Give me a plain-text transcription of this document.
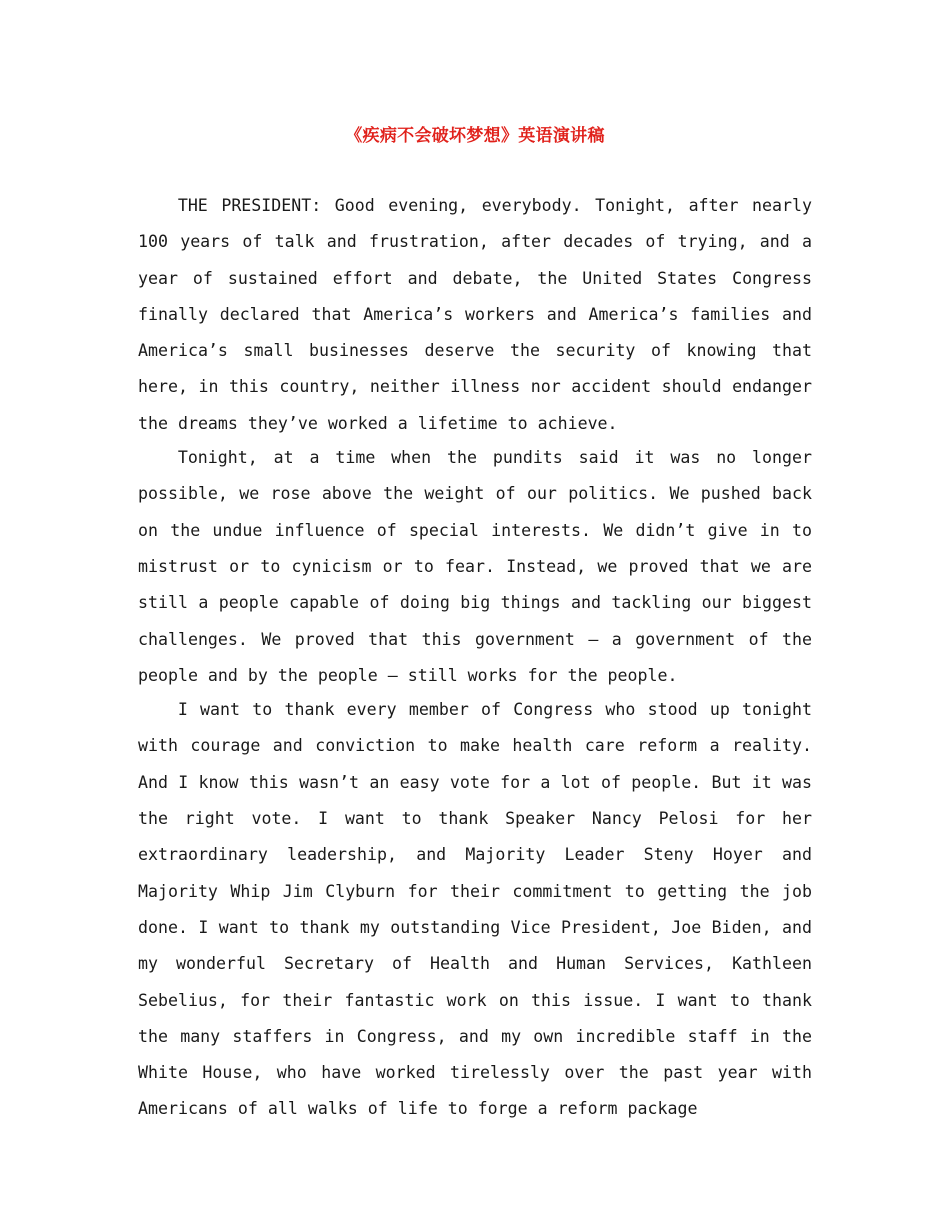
《疾病不会破坏梦想》英语演讲稿

THE PRESIDENT: Good evening, everybody. Tonight, after nearly 100 years of talk and frustration, after decades of trying, and a year of sustained effort and debate, the United States Congress finally declared that America’s workers and America’s families and America’s small businesses deserve the security of knowing that here, in this country, neither illness nor accident should endanger the dreams they’ve worked a lifetime to achieve.

Tonight, at a time when the pundits said it was no longer possible, we rose above the weight of our politics. We pushed back on the undue influence of special interests. We didn’t give in to mistrust or to cynicism or to fear. Instead, we proved that we are still a people capable of doing big things and tackling our biggest challenges. We proved that this government — a government of the people and by the people — still works for the people.

I want to thank every member of Congress who stood up tonight with courage and conviction to make health care reform a reality. And I know this wasn’t an easy vote for a lot of people. But it was the right vote. I want to thank Speaker Nancy Pelosi for her extraordinary leadership, and Majority Leader Steny Hoyer and Majority Whip Jim Clyburn for their commitment to getting the job done. I want to thank my outstanding Vice President, Joe Biden, and my wonderful Secretary of Health and Human Services, Kathleen Sebelius, for their fantastic work on this issue. I want to thank the many staffers in Congress, and my own incredible staff in the White House, who have worked tirelessly over the past year with Americans of all walks of life to forge a reform package
